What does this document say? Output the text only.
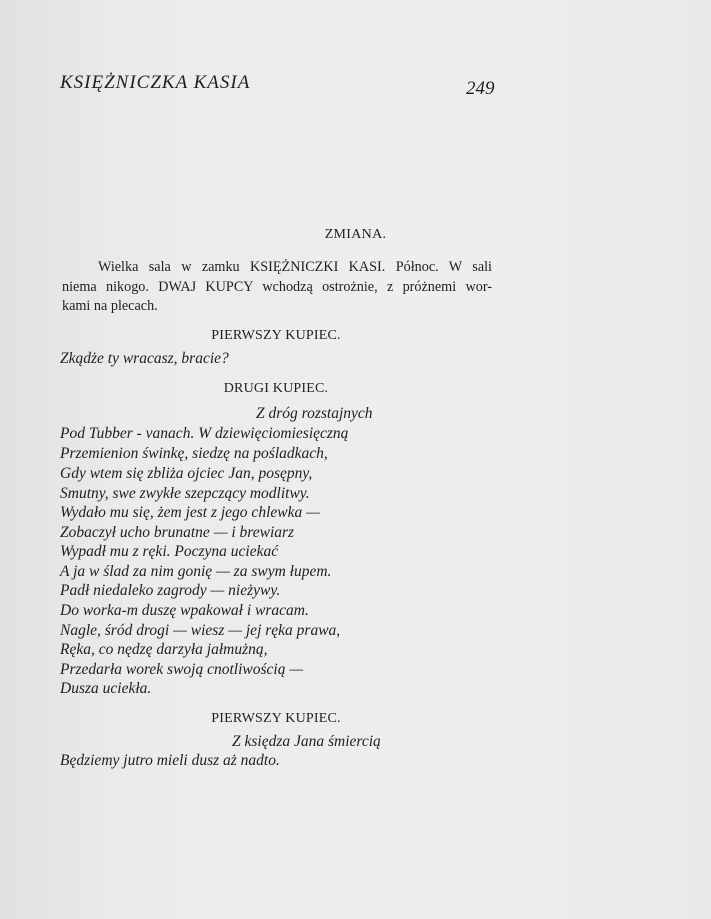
KSIĘŻNICZKA KASIA	249
ZMIANA.
Wielka sala w zamku KSIĘŻNICZKI KASI. Północ. W sali
niema nikogo. DWAJ KUPCY wchodzą ostrożnie, z próżnemi wor-
kami na plecach.
PIERWSZY KUPIEC.
Zkądże ty wracasz, bracie?
DRUGI KUPIEC.
Z dróg rozstajnych
Pod Tubber - vanach. W dziewięciomiesięczną
Przemienion świnkę, siedzę na pośladkach,
Gdy wtem się zbliża ojciec Jan, posępny,
Smutny, swe zwykłe szepczący modlitwy.
Wydało mu się, żem jest z jego chlewka —
Zobaczył ucho brunatne — i brewiarz
Wypadł mu z ręki. Poczyna uciekać
A ja w ślad za nim gonię — za swym łupem.
Padł niedaleko zagrody — nieżywy.
Do worka-m duszę wpakował i wracam.
Nagle, śród drogi — wiesz — jej ręka prawa,
Ręka, co nędzę darzyła jałmużną,
Przedarła worek swoją cnotliwością —
Dusza uciekła.
PIERWSZY KUPIEC.
Z księdza Jana śmiercią
Będziemy jutro mieli dusz aż nadto.
